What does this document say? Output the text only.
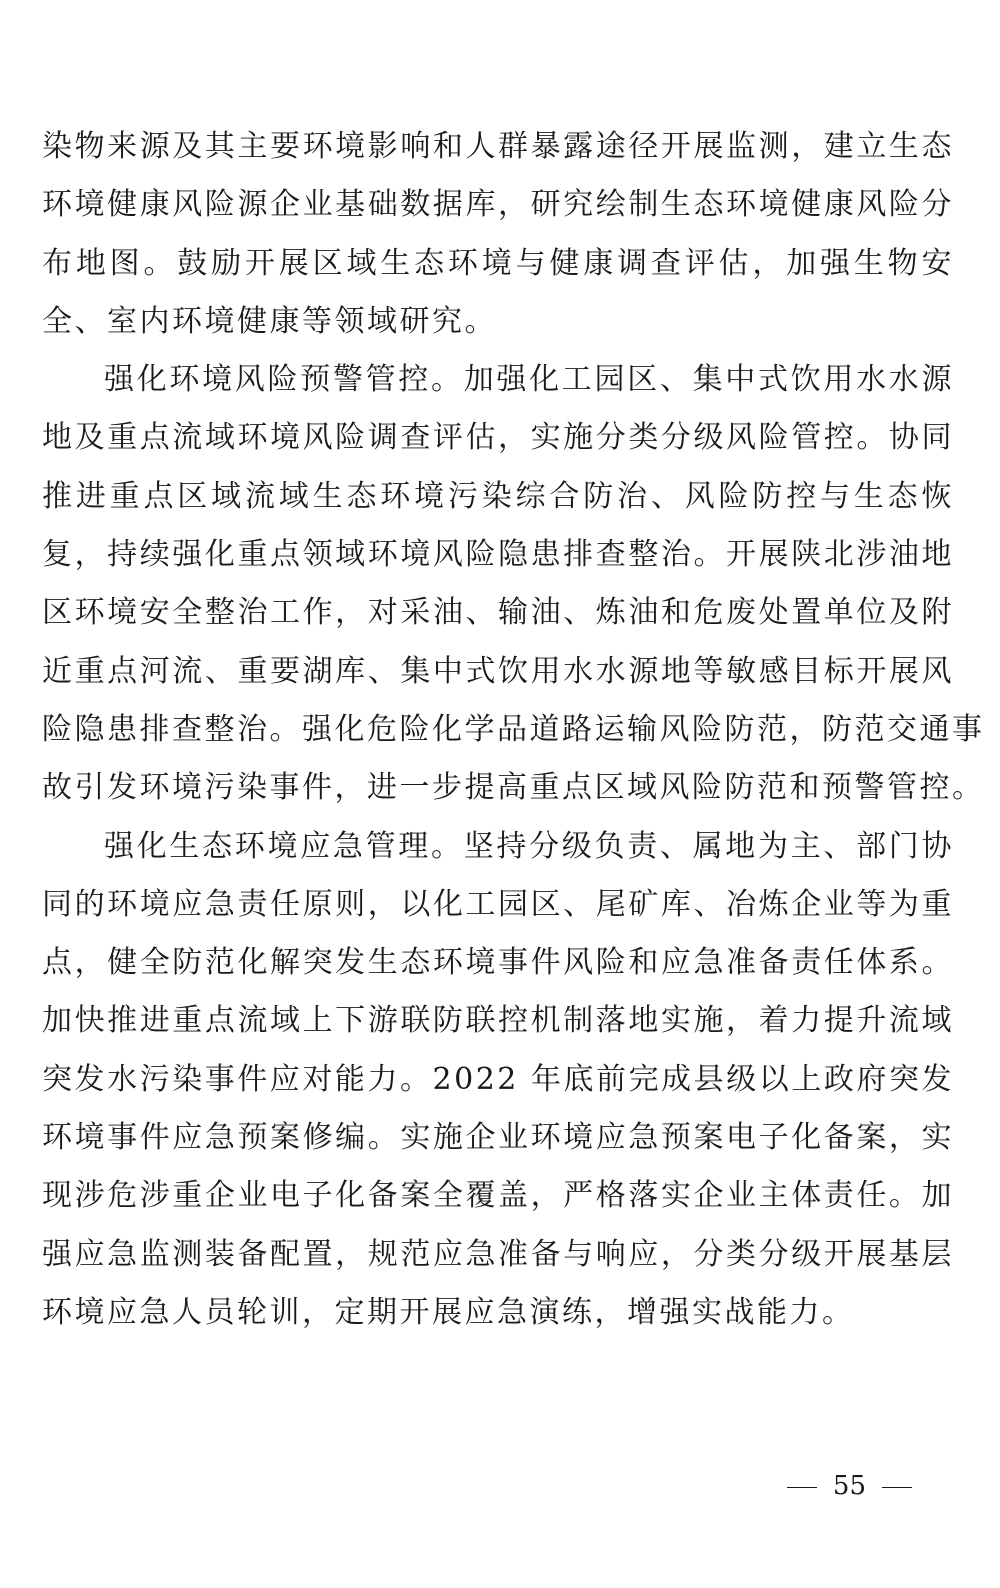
染物来源及其主要环境影响和人群暴露途径开展监测，建立生态
环境健康风险源企业基础数据库，研究绘制生态环境健康风险分
布地图。鼓励开展区域生态环境与健康调查评估，加强生物安
全、室内环境健康等领域研究。
强化环境风险预警管控。加强化工园区、集中式饮用水水源
地及重点流域环境风险调查评估，实施分类分级风险管控。协同
推进重点区域流域生态环境污染综合防治、风险防控与生态恢
复，持续强化重点领域环境风险隐患排查整治。开展陕北涉油地
区环境安全整治工作，对采油、输油、炼油和危废处置单位及附
近重点河流、重要湖库、集中式饮用水水源地等敏感目标开展风
险隐患排查整治。强化危险化学品道路运输风险防范，防范交通事
故引发环境污染事件，进一步提高重点区域风险防范和预警管控。
强化生态环境应急管理。坚持分级负责、属地为主、部门协
同的环境应急责任原则，以化工园区、尾矿库、冶炼企业等为重
点，健全防范化解突发生态环境事件风险和应急准备责任体系。
加快推进重点流域上下游联防联控机制落地实施，着力提升流域
突发水污染事件应对能力。2022 年底前完成县级以上政府突发
环境事件应急预案修编。实施企业环境应急预案电子化备案，实
现涉危涉重企业电子化备案全覆盖，严格落实企业主体责任。加
强应急监测装备配置，规范应急准备与响应，分类分级开展基层
环境应急人员轮训，定期开展应急演练，增强实战能力。
55
